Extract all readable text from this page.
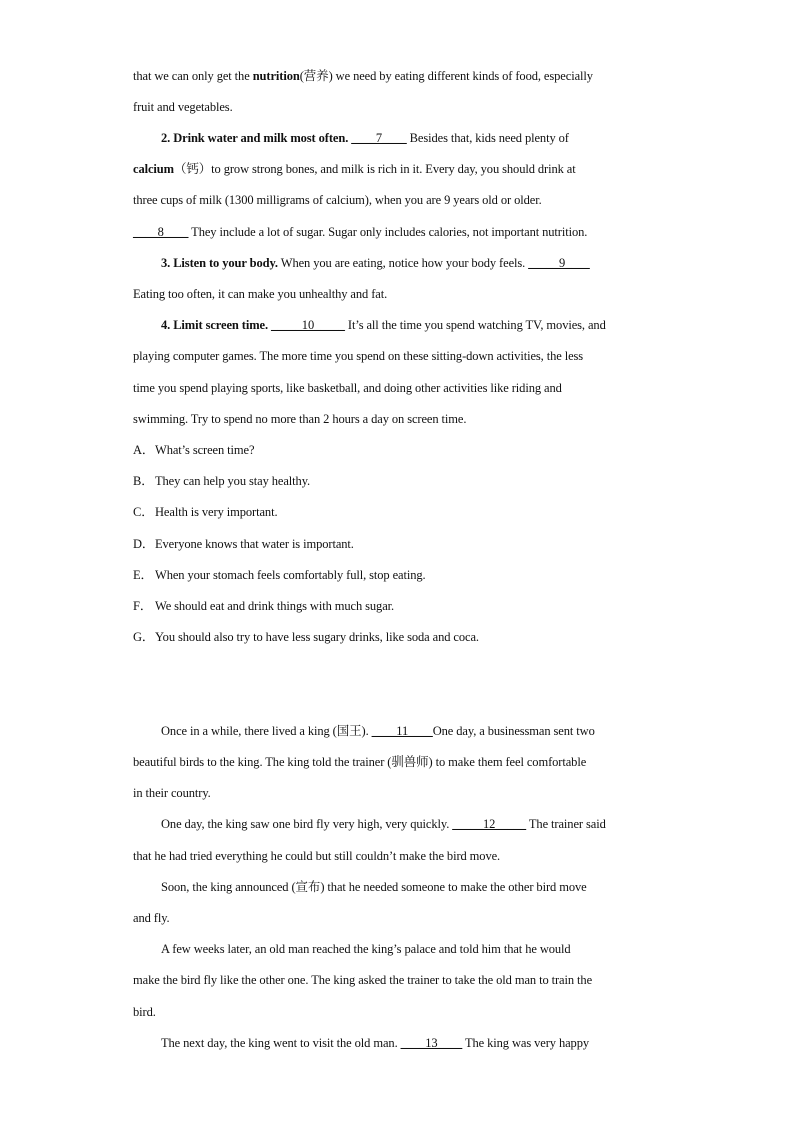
that we can only get the nutrition(营养) we need by eating different kinds of food, especially
fruit and vegetables.
2. Drink water and milk most often. ____7____ Besides that, kids need plenty of
calcium（钙）to grow strong bones, and milk is rich in it. Every day, you should drink at
three cups of milk (1300 milligrams of calcium), when you are 9 years old or older.
____8____ They include a lot of sugar. Sugar only includes calories, not important nutrition.
3. Listen to your body. When you are eating, notice how your body feels. _____9____
Eating too often, it can make you unhealthy and fat.
4. Limit screen time. _____10_____ It’s all the time you spend watching TV, movies, and
playing computer games. The more time you spend on these sitting-down activities, the less
time you spend playing sports, like basketball, and doing other activities like riding and
swimming. Try to spend no more than 2 hours a day on screen time.
A．What’s screen time?
B．They can help you stay healthy.
C．Health is very important.
D．Everyone knows that water is important.
E． When your stomach feels comfortably full, stop eating.
F． We should eat and drink things with much sugar.
G．You should also try to have less sugary drinks, like soda and coca.
Once in a while, there lived a king (国王). ____11____One day, a businessman sent two
beautiful birds to the king. The king told the trainer (驯兽师) to make them feel comfortable
in their country.
One day, the king saw one bird fly very high, very quickly. _____12_____ The trainer said
that he had tried everything he could but still couldn’t make the bird move.
Soon, the king announced (宣布) that he needed someone to make the other bird move
and fly.
A few weeks later, an old man reached the king’s palace and told him that he would
make the bird fly like the other one. The king asked the trainer to take the old man to train the
bird.
The next day, the king went to visit the old man. ____13____ The king was very happy
